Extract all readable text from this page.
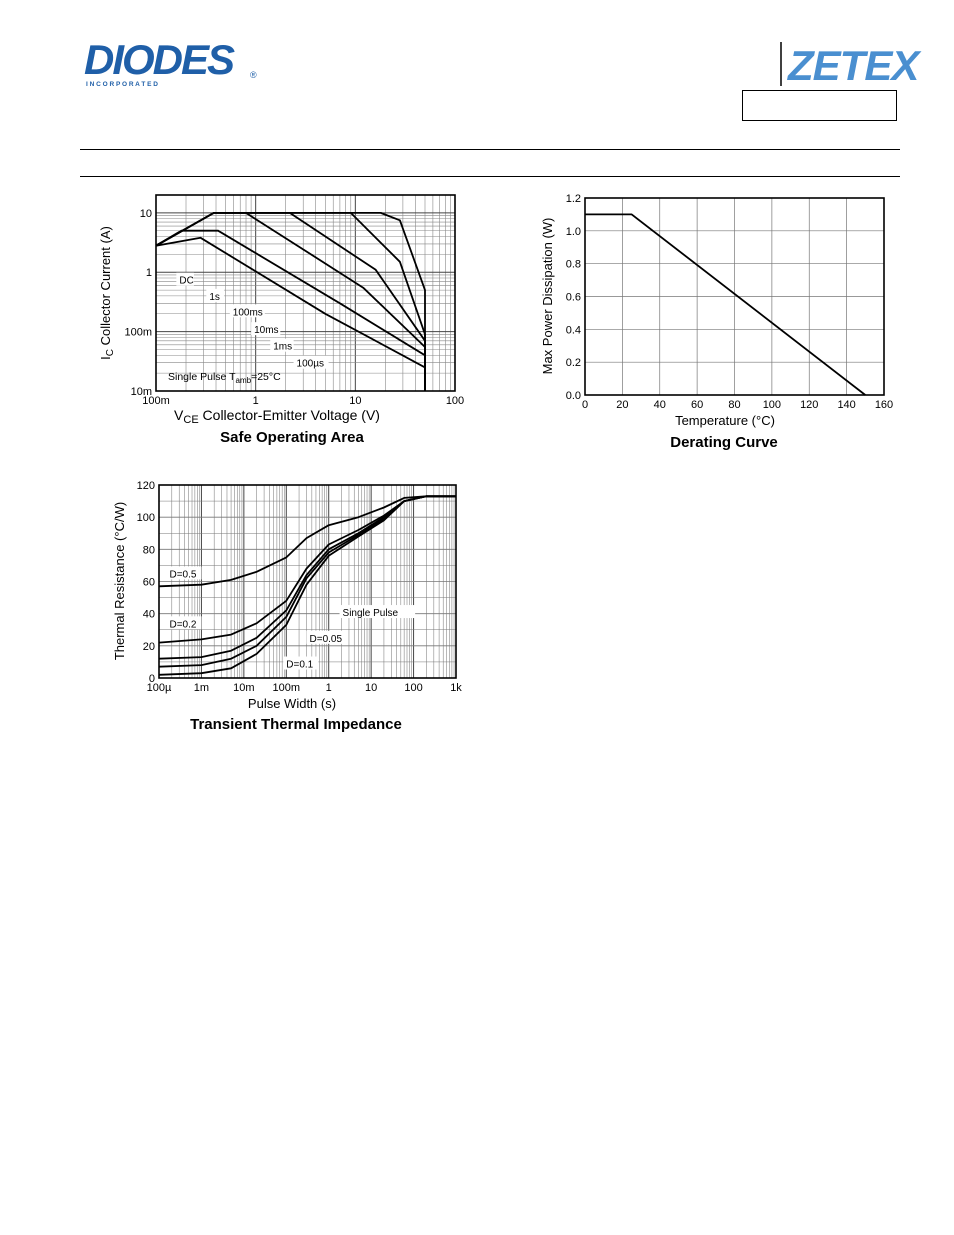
DIODES ®
I N C O R P O R A T E D	ZETEX
100m	1	10	100
10m
100m
1
10
DC
1s
100ms
10ms
1ms
100µs
Single Pulse $T_{amb}=25^\circ C$
$V_{CE}$ Collector-Emitter Voltage (V)
$I_C$ Collector Current (A)
Safe Operating Area
0	20 40 60 80 100 120 140 160
0.0
0.2
0.4
0.6
0.8
1.0
1.2
Temperature (°C)
Max Power Dissipation (W)
Derating Curve
100µ 1m 10m 100m 1	10 100 1k
0
20
40
60
80
100
120
D=0.5
D=0.2
D=0.1
D=0.05
Single Pulse
Pulse Width (s)
Thermal Resistance (°C/W)
Transient Thermal Impedance
